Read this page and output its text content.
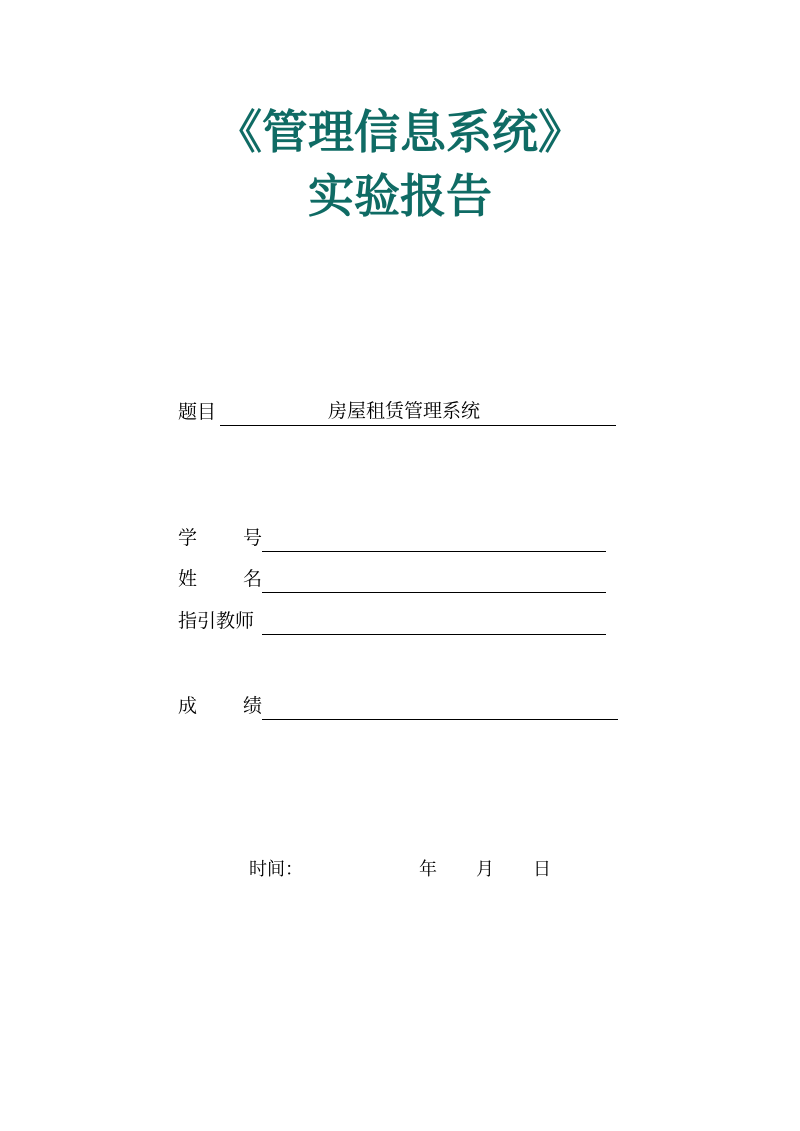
《管理信息系统》
实验报告
题目	房屋租赁管理系统
学 号
姓 名
指引教师
成 绩
时间：	年 月 日
